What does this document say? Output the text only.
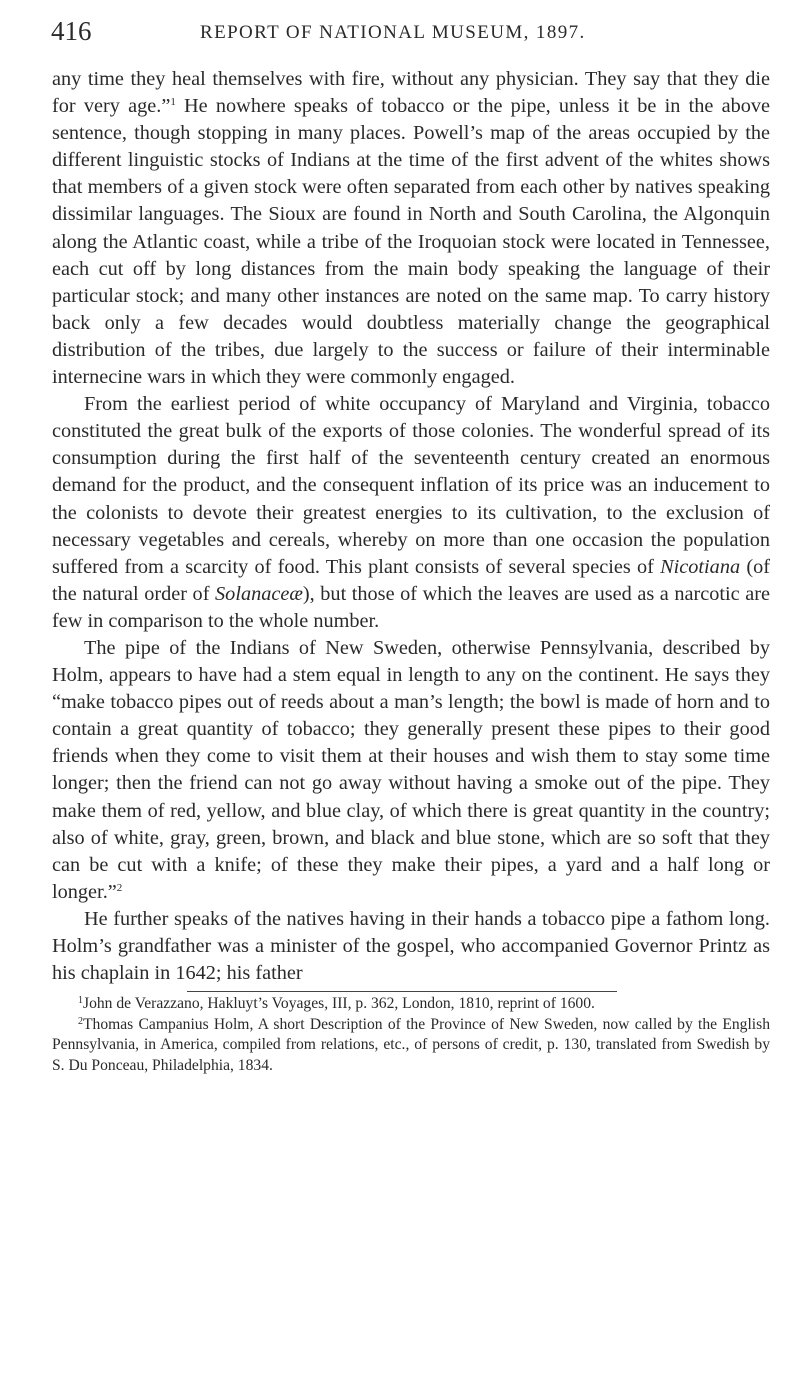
416	REPORT OF NATIONAL MUSEUM, 1897.

any time they heal themselves with fire, without any physician. They say that they die for very age.”$^1$ He nowhere speaks of tobacco or the pipe, unless it be in the above sentence, though stopping in many places. Powell’s map of the areas occupied by the different linguistic stocks of Indians at the time of the first advent of the whites shows that members of a given stock were often separated from each other by natives speaking dissimilar languages. The Sioux are found in North and South Carolina, the Algonquin along the Atlantic coast, while a tribe of the Iroquoian stock were located in Tennessee, each cut off by long distances from the main body speaking the language of their particular stock; and many other instances are noted on the same map. To carry history back only a few decades would doubtless materially change the geographical distribution of the tribes, due largely to the success or failure of their interminable internecine wars in which they were commonly engaged.

From the earliest period of white occupancy of Maryland and Virginia, tobacco constituted the great bulk of the exports of those colonies. The wonderful spread of its consumption during the first half of the seventeenth century created an enormous demand for the product, and the consequent inflation of its price was an inducement to the colonists to devote their greatest energies to its cultivation, to the exclusion of necessary vegetables and cereals, whereby on more than one occasion the population suffered from a scarcity of food. This plant consists of several species of Nicotiana (of the natural order of Solanaceæ), but those of which the leaves are used as a narcotic are few in comparison to the whole number.

The pipe of the Indians of New Sweden, otherwise Pennsylvania, described by Holm, appears to have had a stem equal in length to any on the continent. He says they “make tobacco pipes out of reeds about a man’s length; the bowl is made of horn and to contain a great quantity of tobacco; they generally present these pipes to their good friends when they come to visit them at their houses and wish them to stay some time longer; then the friend can not go away without having a smoke out of the pipe. They make them of red, yellow, and blue clay, of which there is great quantity in the country; also of white, gray, green, brown, and black and blue stone, which are so soft that they can be cut with a knife; of these they make their pipes, a yard and a half long or longer.”$^2$

He further speaks of the natives having in their hands a tobacco pipe a fathom long. Holm’s grandfather was a minister of the gospel, who accompanied Governor Printz as his chaplain in 1642; his father

$^1$John de Verazzano, Hakluyt’s Voyages, III, p. 362, London, 1810, reprint of 1600.

$^2$Thomas Campanius Holm, A short Description of the Province of New Sweden, now called by the English Pennsylvania, in America, compiled from relations, etc., of persons of credit, p. 130, translated from Swedish by S. Du Ponceau, Philadelphia, 1834.
